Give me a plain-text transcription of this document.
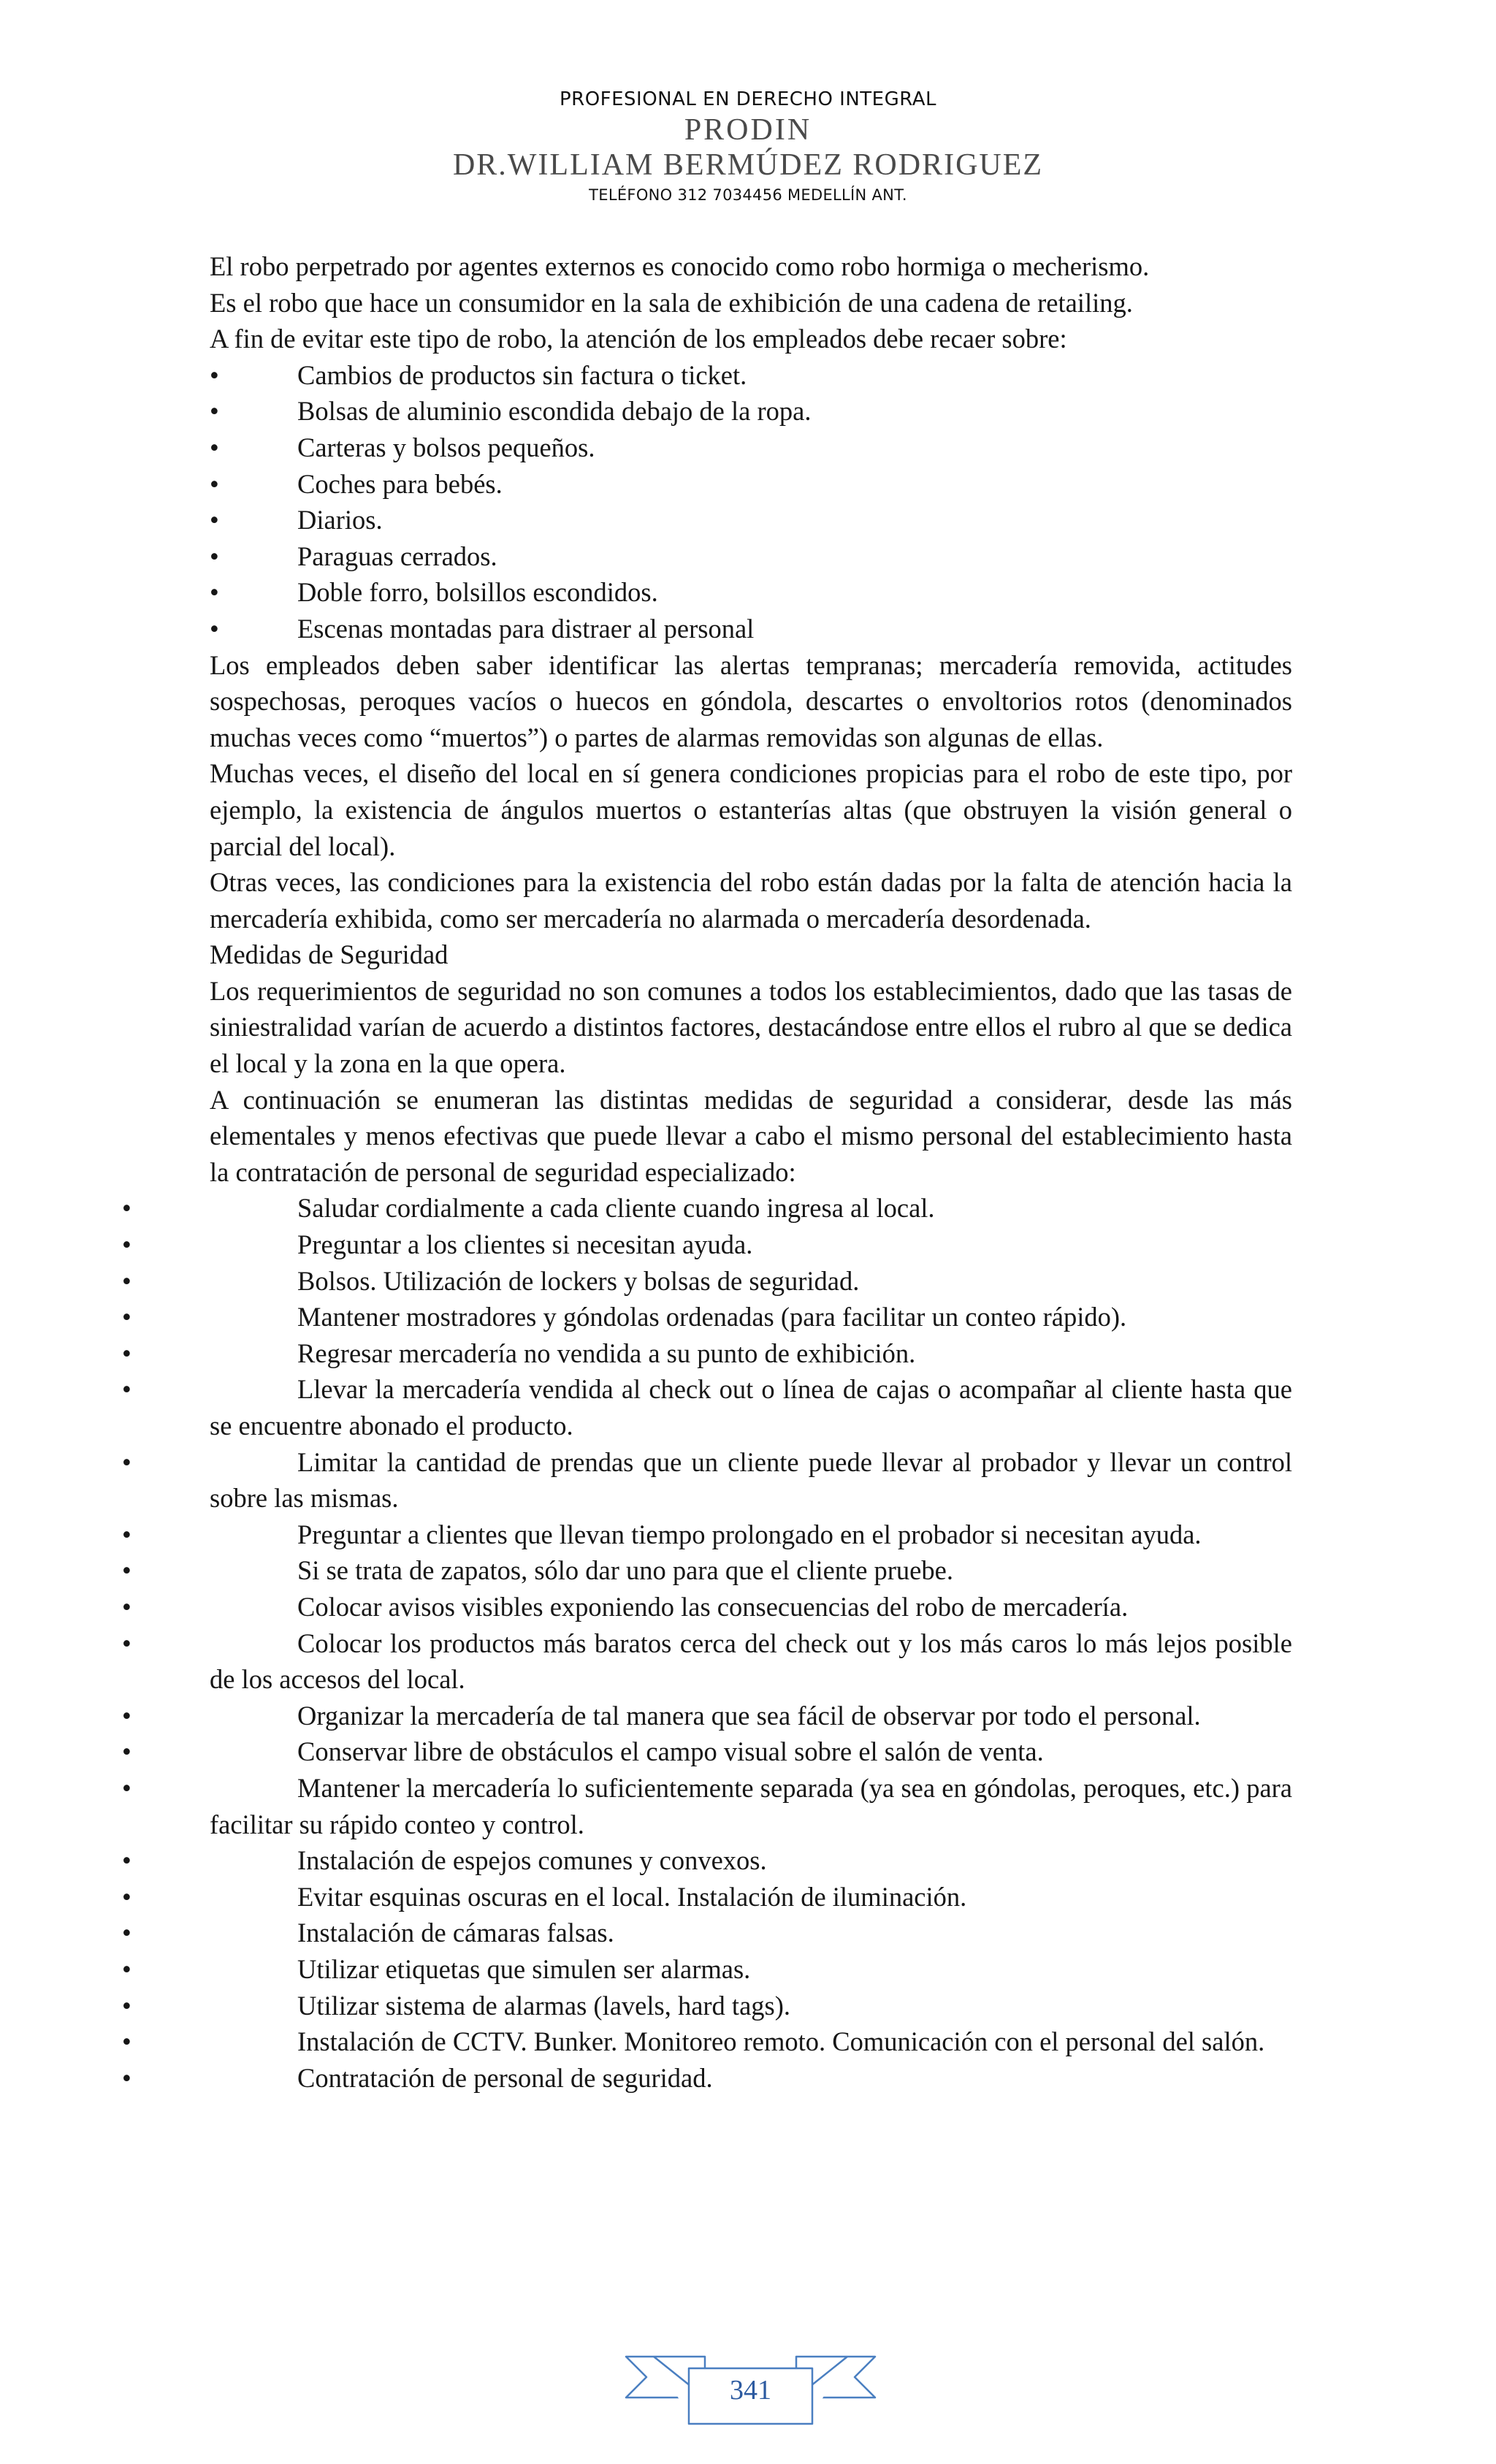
PROFESIONAL EN DERECHO INTEGRAL
PRODIN
DR.WILLIAM BERMÚDEZ RODRIGUEZ
TELÉFONO 312 7034456 MEDELLÍN ANT.
El robo perpetrado por agentes externos es conocido como robo hormiga o mecherismo.
Es el robo que hace un consumidor en la sala de exhibición de una cadena de retailing.
A fin de evitar este tipo de robo, la atención de los empleados debe recaer sobre:
•	Cambios de productos sin factura o ticket.
•	Bolsas de aluminio escondida debajo de la ropa.
•	Carteras y bolsos pequeños.
•	Coches para bebés.
•	Diarios.
•	Paraguas cerrados.
•	Doble forro, bolsillos escondidos.
•	Escenas montadas para distraer al personal
Los empleados deben saber identificar las alertas tempranas; mercadería removida, actitudes sospechosas, peroques vacíos o huecos en góndola, descartes o envoltorios rotos (denominados muchas veces como “muertos”) o partes de alarmas removidas son algunas de ellas.
Muchas veces, el diseño del local en sí genera condiciones propicias para el robo de este tipo, por ejemplo, la existencia de ángulos muertos o estanterías altas (que obstruyen la visión general o parcial del local).
Otras veces, las condiciones para la existencia del robo están dadas por la falta de atención hacia la mercadería exhibida, como ser mercadería no alarmada o mercadería desordenada.
Medidas de Seguridad
Los requerimientos de seguridad no son comunes a todos los establecimientos, dado que las tasas de siniestralidad varían de acuerdo a distintos factores, destacándose entre ellos el rubro al que se dedica el local y la zona en la que opera.
A continuación se enumeran las distintas medidas de seguridad a considerar, desde las más elementales y menos efectivas que puede llevar a cabo el mismo personal del establecimiento hasta la contratación de personal de seguridad especializado:
•	Saludar cordialmente a cada cliente cuando ingresa al local.
•	Preguntar a los clientes si necesitan ayuda.
•	Bolsos. Utilización de lockers y bolsas de seguridad.
•	Mantener mostradores y góndolas ordenadas (para facilitar un conteo rápido).
•	Regresar mercadería no vendida a su punto de exhibición.
•	Llevar la mercadería vendida al check out o línea de cajas o acompañar al cliente hasta que se encuentre abonado el producto.
•	Limitar la cantidad de prendas que un cliente puede llevar al probador y llevar un control sobre las mismas.
•	Preguntar a clientes que llevan tiempo prolongado en el probador si necesitan ayuda.
•	Si se trata de zapatos, sólo dar uno para que el cliente pruebe.
•	Colocar avisos visibles exponiendo las consecuencias del robo de mercadería.
•	Colocar los productos más baratos cerca del check out y los más caros lo más lejos posible de los accesos del local.
•	Organizar la mercadería de tal manera que sea fácil de observar por todo el personal.
•	Conservar libre de obstáculos el campo visual sobre el salón de venta.
•	Mantener la mercadería lo suficientemente separada (ya sea en góndolas, peroques, etc.) para facilitar su rápido conteo y control.
•	Instalación de espejos comunes y convexos.
•	Evitar esquinas oscuras en el local. Instalación de iluminación.
•	Instalación de cámaras falsas.
•	Utilizar etiquetas que simulen ser alarmas.
•	Utilizar sistema de alarmas (lavels, hard tags).
•	Instalación de CCTV. Bunker. Monitoreo remoto. Comunicación con el personal del salón.
•	Contratación de personal de seguridad.
341
